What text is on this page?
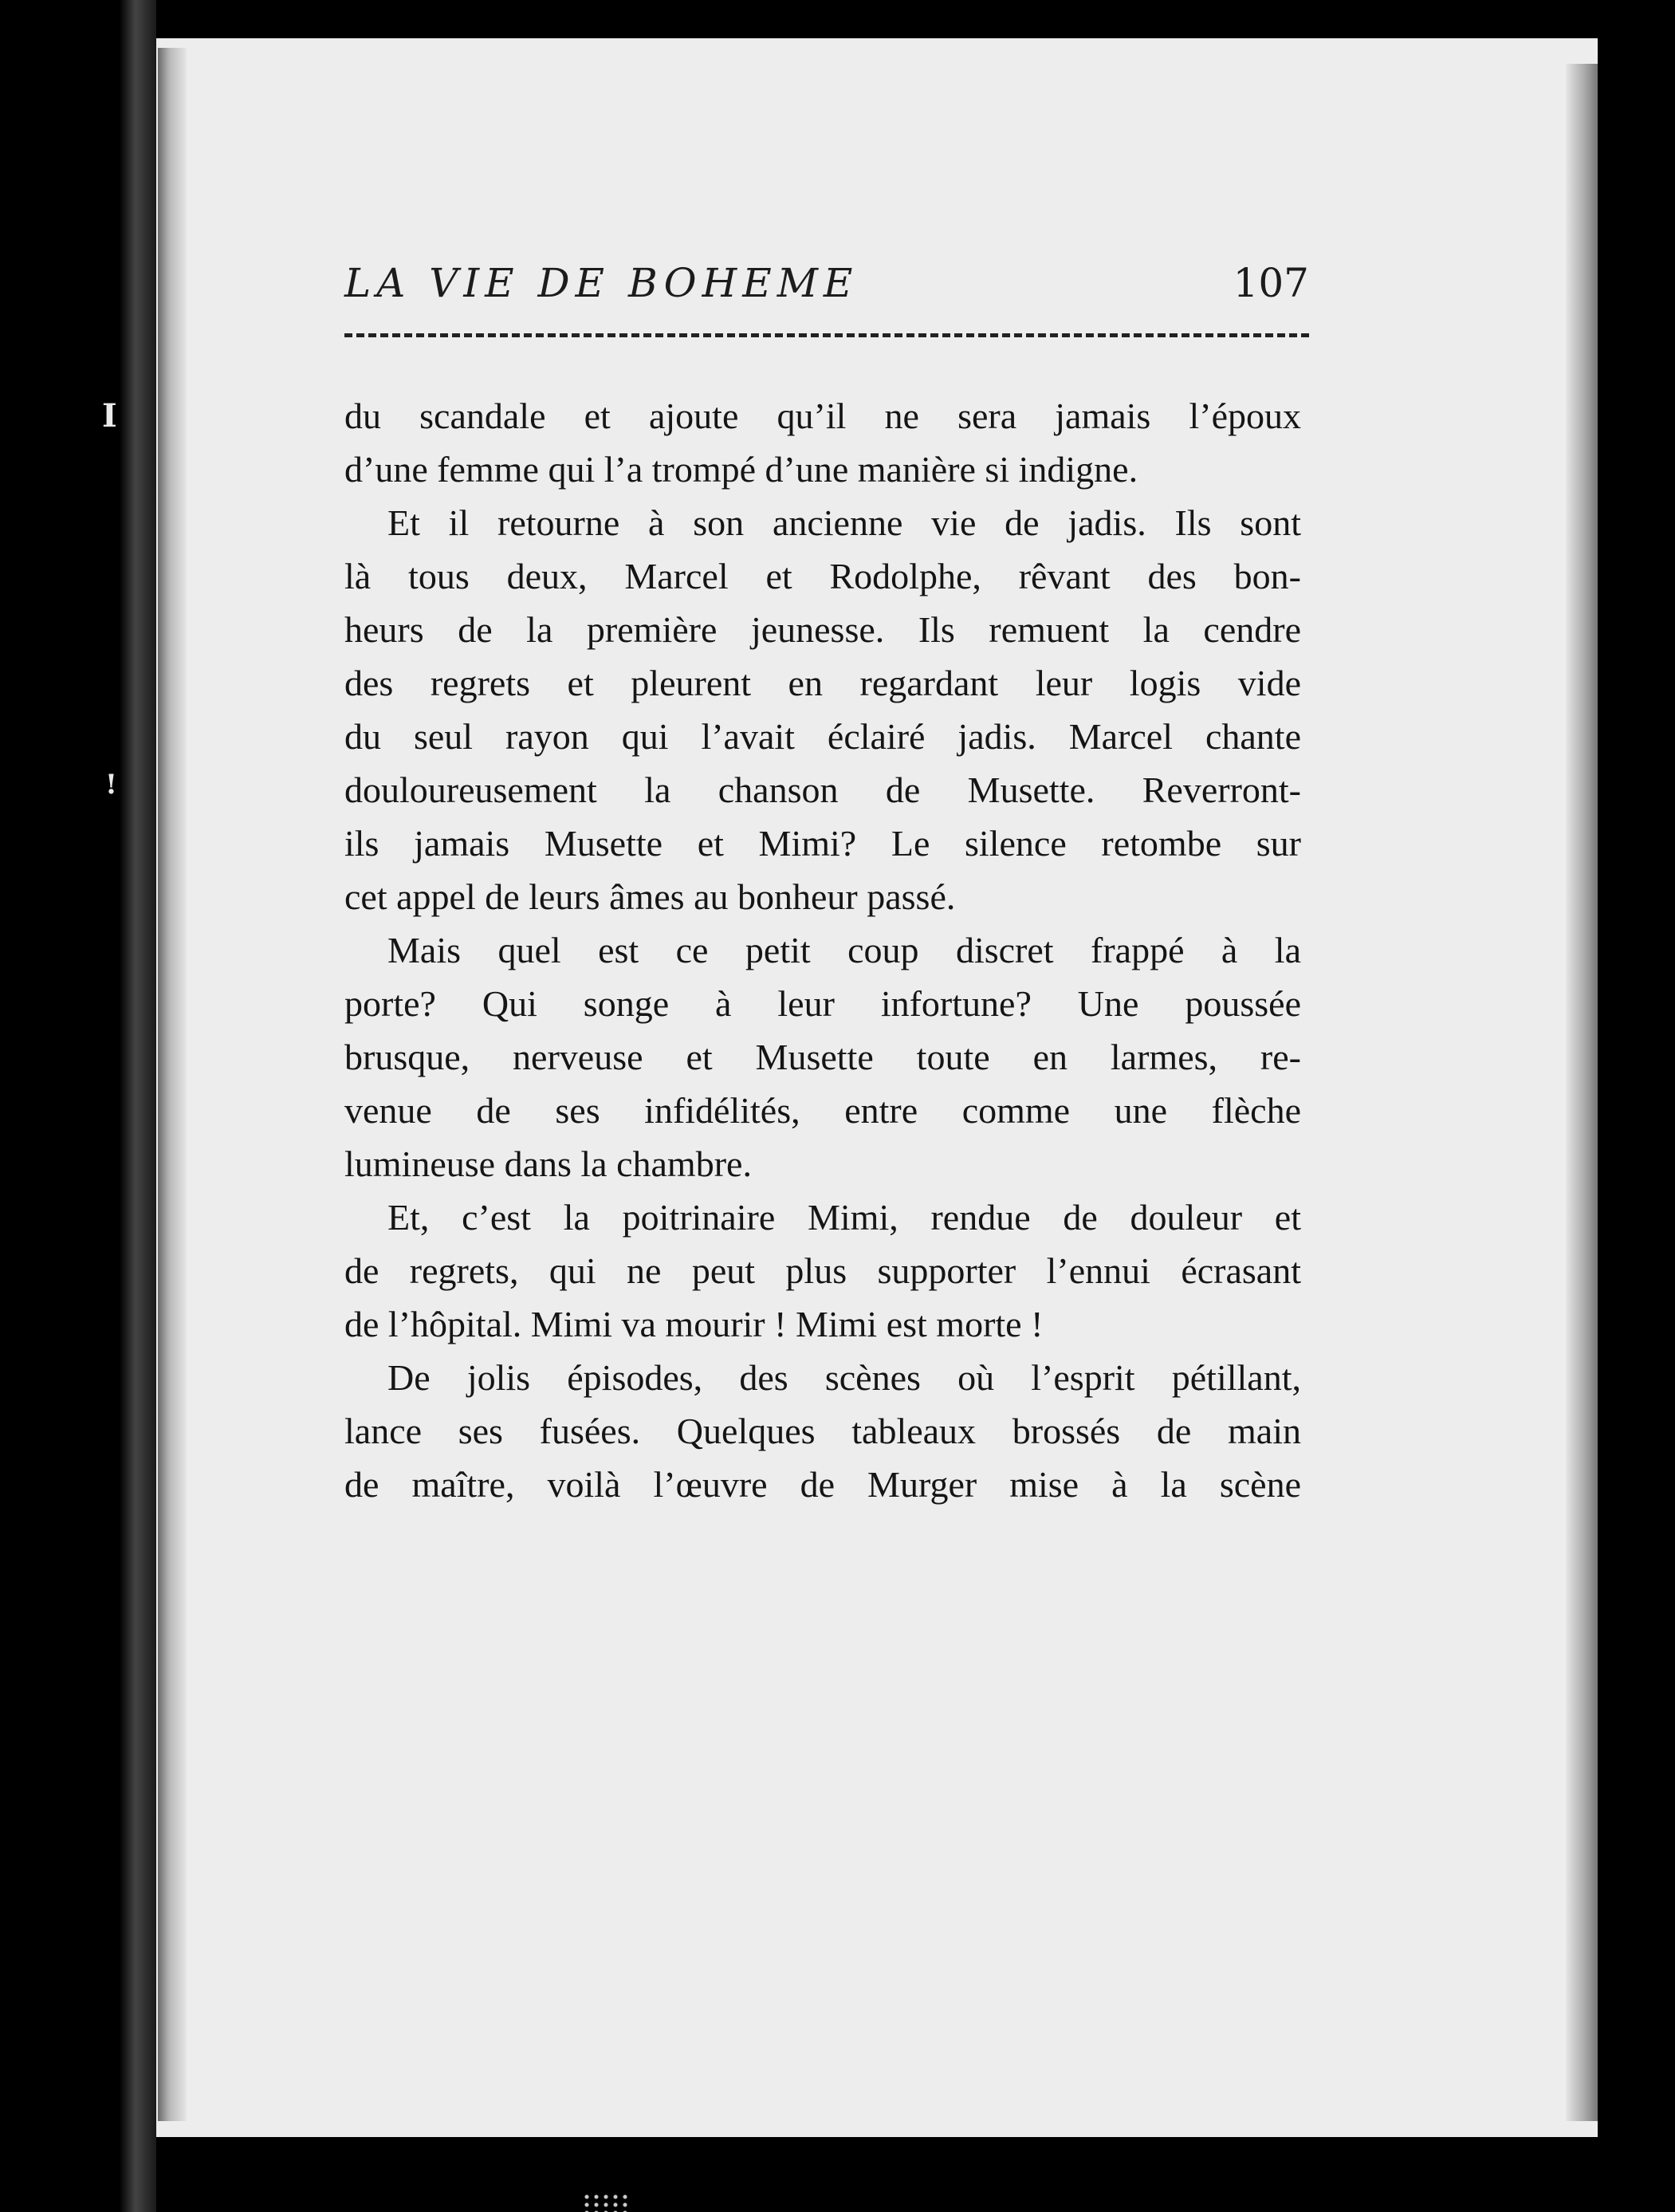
I
!
LA VIE DE BOHEME	107
du scandale et ajoute qu’il ne sera jamais l’époux
d’une femme qui l’a trompé d’une manière si indigne.
Et il retourne à son ancienne vie de jadis. Ils sont
là tous deux, Marcel et Rodolphe, rêvant des bon-
heurs de la première jeunesse. Ils remuent la cendre
des regrets et pleurent en regardant leur logis vide
du seul rayon qui l’avait éclairé jadis. Marcel chante
douloureusement la chanson de Musette. Reverront-
ils jamais Musette et Mimi? Le silence retombe sur
cet appel de leurs âmes au bonheur passé.
Mais quel est ce petit coup discret frappé à la
porte? Qui songe à leur infortune? Une poussée
brusque, nerveuse et Musette toute en larmes, re-
venue de ses infidélités, entre comme une flèche
lumineuse dans la chambre.
Et, c’est la poitrinaire Mimi, rendue de douleur et
de regrets, qui ne peut plus supporter l’ennui écrasant
de l’hôpital. Mimi va mourir ! Mimi est morte !
De jolis épisodes, des scènes où l’esprit pétillant,
lance ses fusées. Quelques tableaux brossés de main
de maître, voilà l’œuvre de Murger mise à la scène
